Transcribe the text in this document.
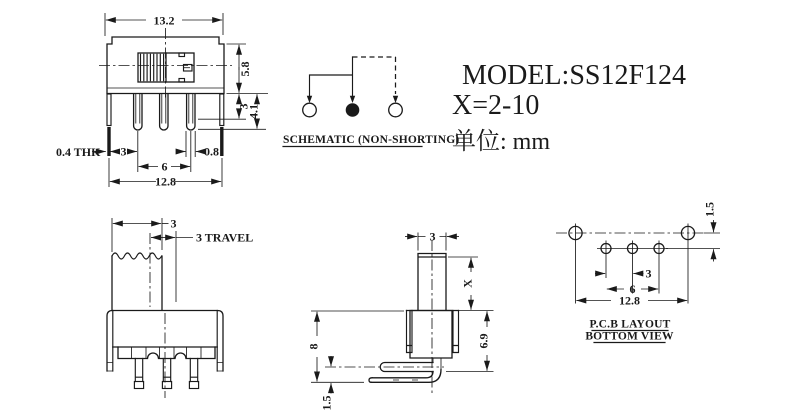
13.2
5.8
3
4.1
0.4 THK 3	0.8
6
12.8
SCHEMATIC (NON-SHORTING)
MODEL:SS12F124
X=2-10
单位: mm
3
3 TRAVEL	3
X
6.9
8
1.5
3
6
12.8
1.5
P.C.B LAYOUT
BOTTOM VIEW
